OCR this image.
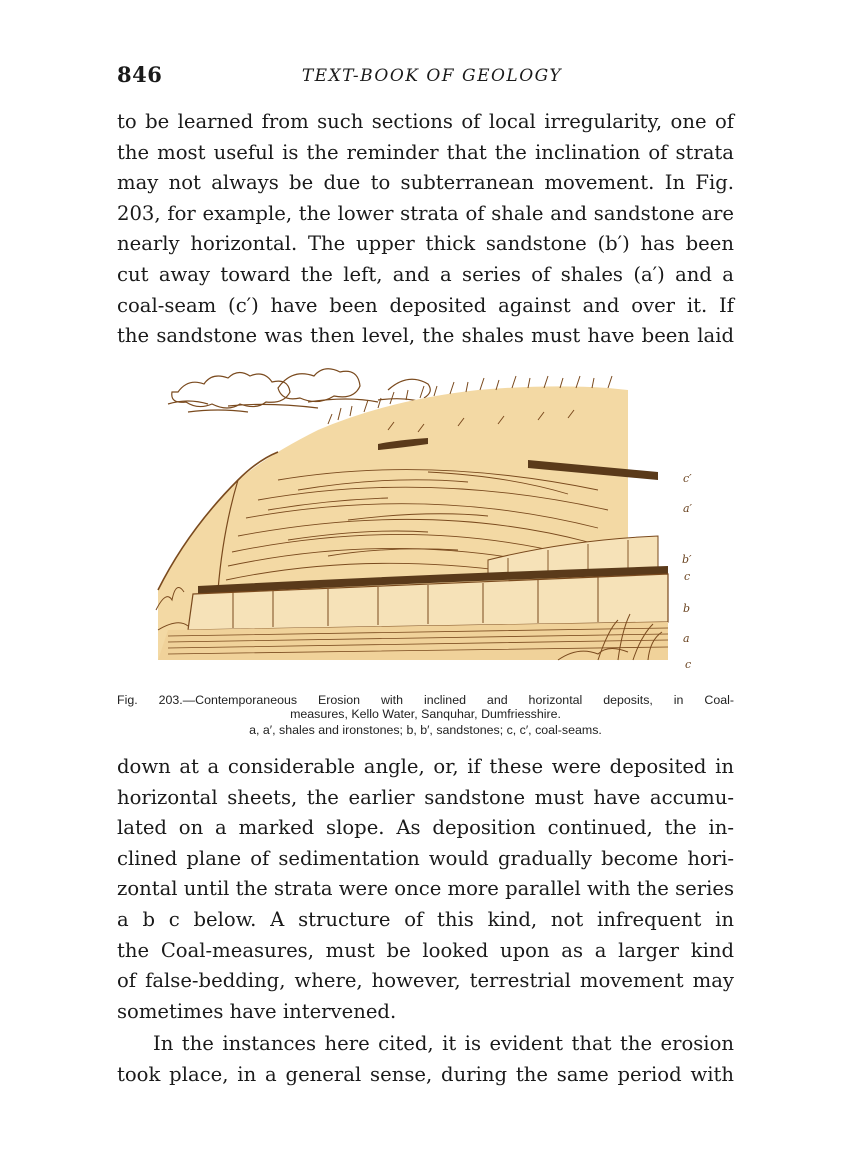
846	TEXT-BOOK OF GEOLOGY

to be learned from such sections of local irregularity, one of
the most useful is the reminder that the inclination of strata
may not always be due to subterranean movement. In Fig.
203, for example, the lower strata of shale and sandstone are
nearly horizontal. The upper thick sandstone (b′) has been
cut away toward the left, and a series of shales (a′) and a
coal-seam (c′) have been deposited against and over it. If
the sandstone was then level, the shales must have been laid

c′
a′
b′
c
b
a
c
Fig. 203.—Contemporaneous Erosion with inclined and horizontal deposits, in Coal-
measures, Kello Water, Sanquhar, Dumfriesshire.
a, a′, shales and ironstones; b, b′, sandstones; c, c′, coal-seams.

down at a considerable angle, or, if these were deposited in
horizontal sheets, the earlier sandstone must have accumu-
lated on a marked slope. As deposition continued, the in-
clined plane of sedimentation would gradually become hori-
zontal until the strata were once more parallel with the series
a b c below. A structure of this kind, not infrequent in
the Coal-measures, must be looked upon as a larger kind
of false-bedding, where, however, terrestrial movement may
sometimes have intervened.

In the instances here cited, it is evident that the erosion
took place, in a general sense, during the same period with
